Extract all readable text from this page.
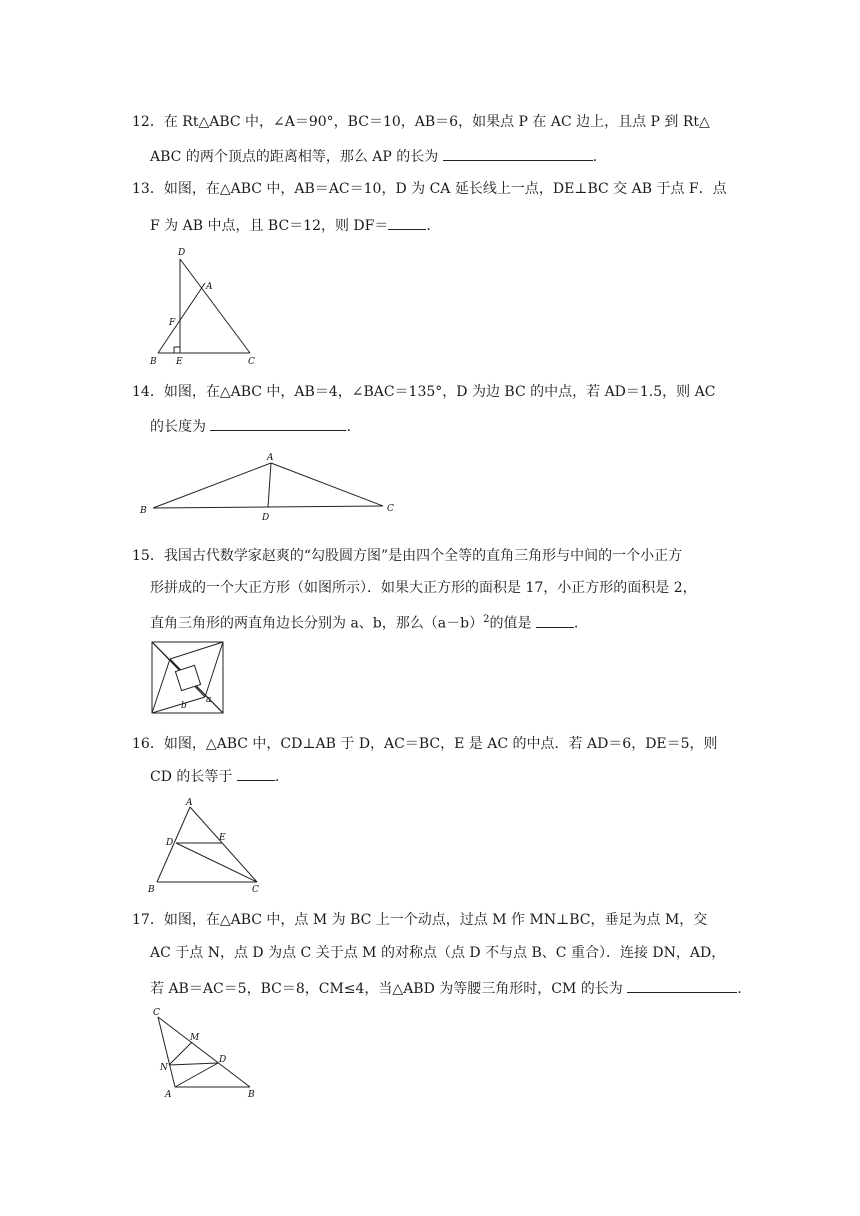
12．在 Rt△ABC 中，∠A＝90°，BC＝10，AB＝6，如果点 P 在 AC 边上，且点 P 到 Rt△
ABC 的两个顶点的距离相等，那么 AP 的长为	.
13．如图，在△ABC 中，AB＝AC＝10，D 为 CA 延长线上一点，DE⊥BC 交 AB 于点 F．点
F 为 AB 中点，且 BC＝12，则 DF＝	.
D
A
F
B E	C
14．如图，在△ABC 中，AB＝4，∠BAC＝135°，D 为边 BC 的中点，若 AD＝1.5，则 AC
的长度为	.
A
B
D
C
15．我国古代数学家赵爽的“勾股圆方图”是由四个全等的直角三角形与中间的一个小正方
形拼成的一个大正方形（如图所示）．如果大正方形的面积是 17，小正方形的面积是 2，
直角三角形的两直角边长分别为 a、b，那么$(a-b)^2$的值是	.
b
a
16．如图，△ABC 中，CD⊥AB 于 D，AC＝BC，E 是 AC 的中点．若 AD＝6，DE＝5，则
CD 的长等于	.
A
E
D
B	C
17．如图，在△ABC 中，点 M 为 BC 上一个动点，过点 M 作 MN⊥BC，垂足为点 M，交
AC 于点 N，点 D 为点 C 关于点 M 的对称点（点 D 不与点 B、C 重合）．连接 DN，AD，
若 AB＝AC＝5，BC＝8，CM≤4，当△ABD 为等腰三角形时，CM 的长为	.
C
M
D
N
A	B
